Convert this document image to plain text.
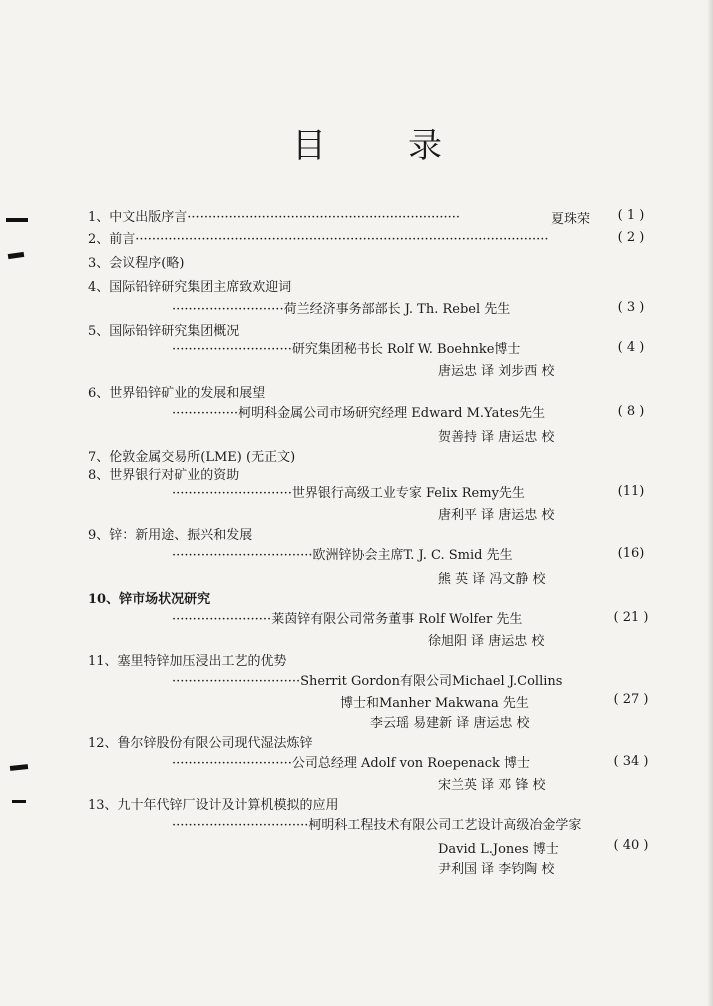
目 录
1、中文出版序言··································································	夏珠荣	( 1 )
2、前言····································································································	( 2 )
3、会议程序(略)
4、国际铅锌研究集团主席致欢迎词
···························荷兰经济事务部部长 J. Th. Rebel 先生	( 3 )
5、国际铅锌研究集团概况
·····························研究集团秘书长 Rolf W. Boehnke博士	( 4 )
唐运忠 译 刘步西 校
6、世界铅锌矿业的发展和展望
················柯明科金属公司市场研究经理 Edward M.Yates先生	( 8 )
贺善持 译 唐运忠 校
7、伦敦金属交易所(LME) (无正文)
8、世界银行对矿业的资助
·····························世界银行高级工业专家 Felix Remy先生	(11)
唐利平 译 唐运忠 校
9、锌：新用途、振兴和发展
··································欧洲锌协会主席T. J. C. Smid 先生	(16)
熊 英 译 冯文静 校
10、锌市场状况研究
························莱茵锌有限公司常务董事 Rolf Wolfer 先生	( 21 )
徐旭阳 译 唐运忠 校
11、塞里特锌加压浸出工艺的优势
·······························Sherrit Gordon有限公司Michael J.Collins
博士和Manher Makwana 先生	( 27 )
李云瑶 易建新 译 唐运忠 校
12、鲁尔锌股份有限公司现代湿法炼锌
·····························公司总经理 Adolf von Roepenack 博士	( 34 )
宋兰英 译 邓 锋 校
13、九十年代锌厂设计及计算机模拟的应用
·································柯明科工程技术有限公司工艺设计高级冶金学家
David L.Jones 博士	( 40 )
尹利国 译 李钧陶 校
